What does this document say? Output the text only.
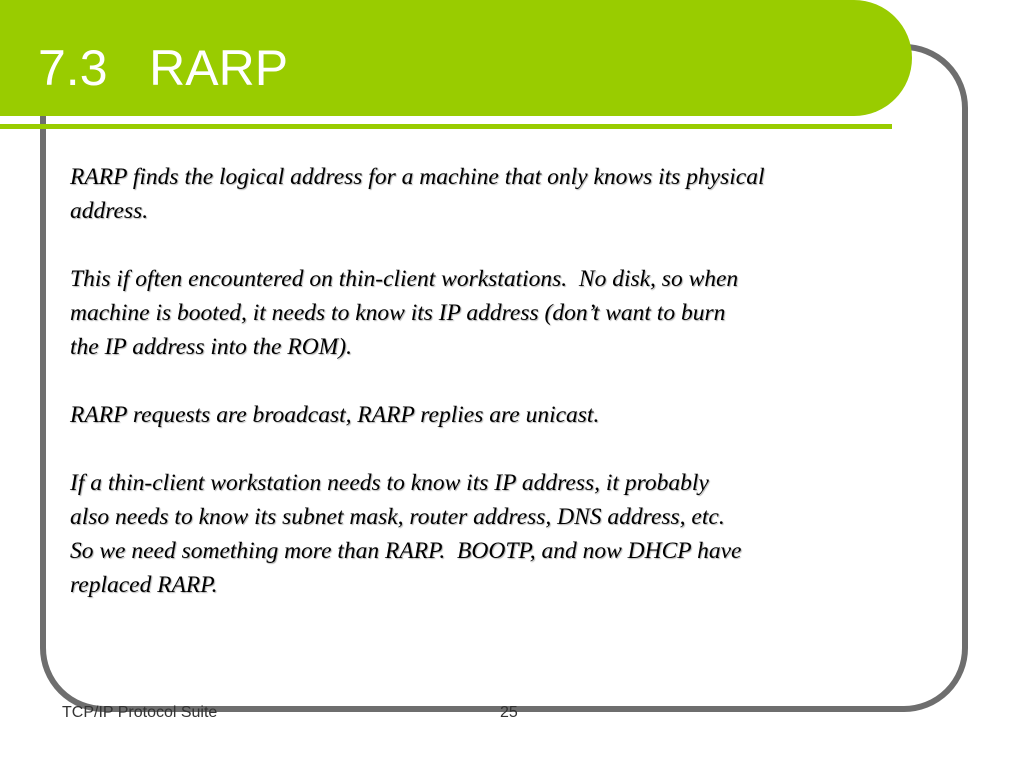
7.3   RARP

RARP finds the logical address for a machine that only knows its physical
address.

This if often encountered on thin-client workstations.  No disk, so when
machine is booted, it needs to know its IP address (don’t want to burn
the IP address into the ROM).

RARP requests are broadcast, RARP replies are unicast.

If a thin-client workstation needs to know its IP address, it probably
also needs to know its subnet mask, router address, DNS address, etc.
So we need something more than RARP.  BOOTP, and now DHCP have
replaced RARP.

TCP/IP Protocol Suite	25
